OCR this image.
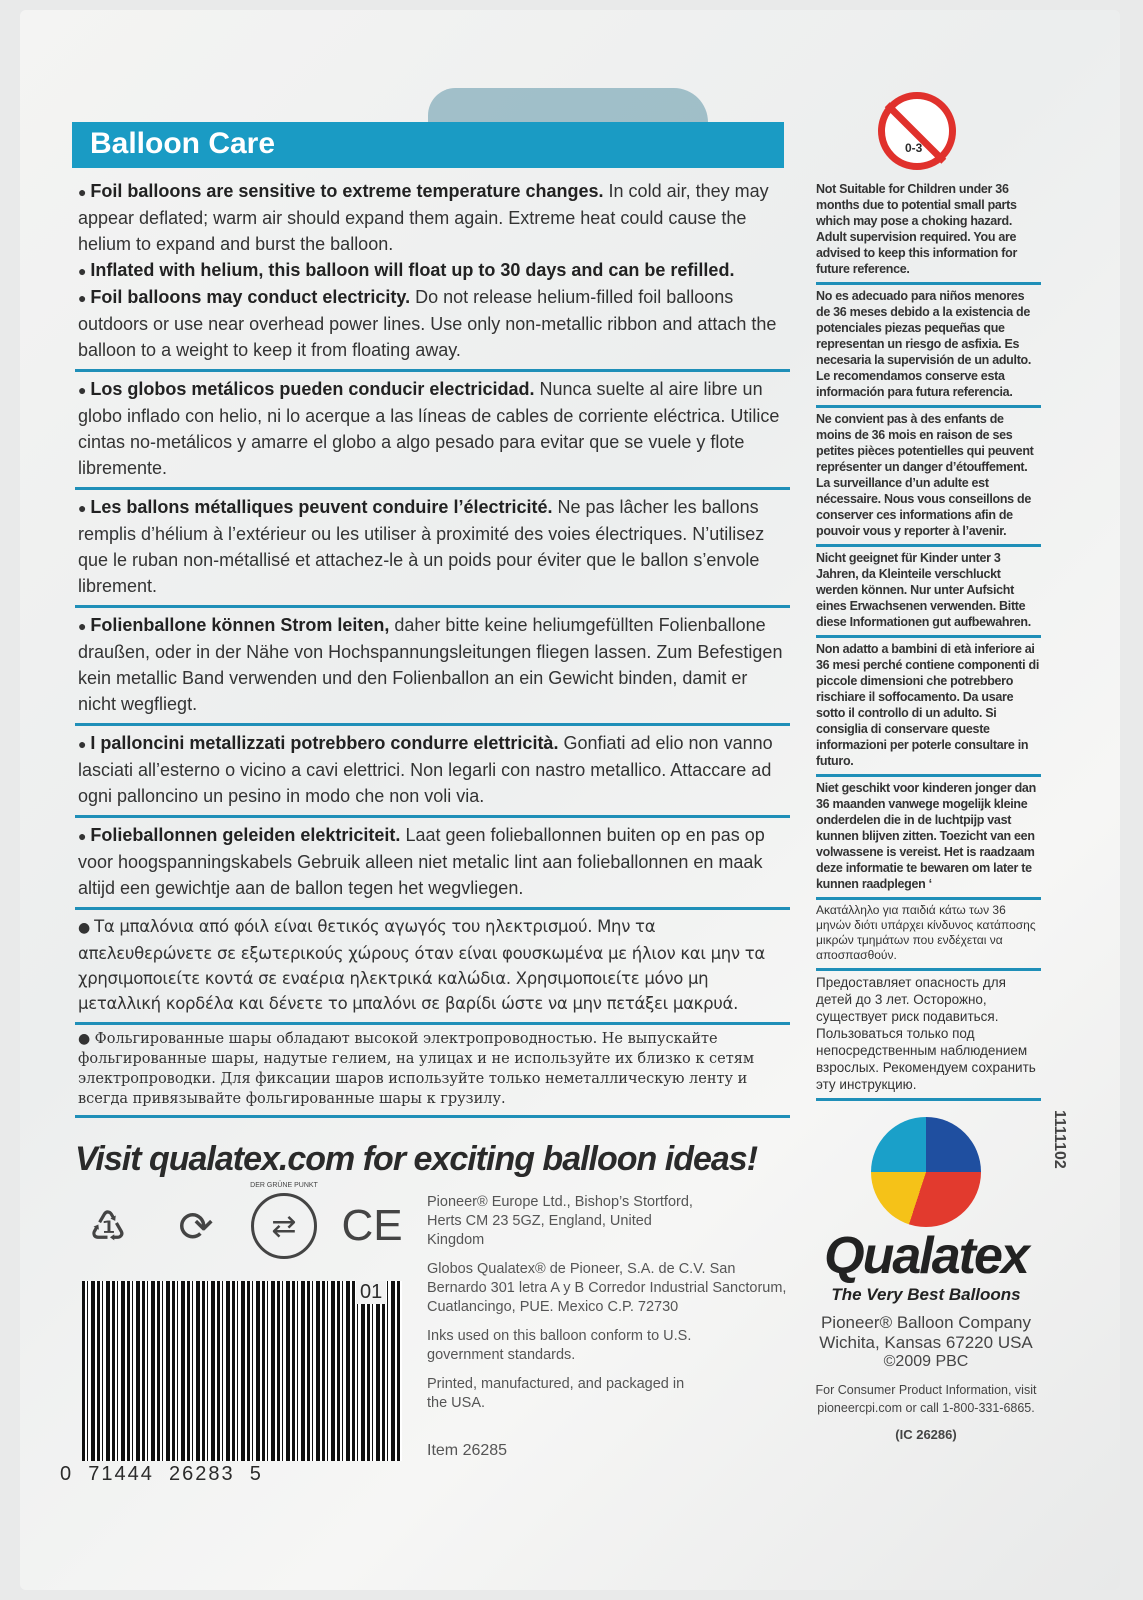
Balloon Care

● Foil balloons are sensitive to extreme temperature changes. In cold air, they may appear deflated; warm air should expand them again. Extreme heat could cause the helium to expand and burst the balloon.

● Inflated with helium, this balloon will float up to 30 days and can be refilled.

● Foil balloons may conduct electricity. Do not release helium-filled foil balloons outdoors or use near overhead power lines. Use only non-metallic ribbon and attach the balloon to a weight to keep it from floating away.

● Los globos metálicos pueden conducir electricidad. Nunca suelte al aire libre un globo inflado con helio, ni lo acerque a las líneas de cables de corriente eléctrica. Utilice cintas no-metálicos y amarre el globo a algo pesado para evitar que se vuele y flote libremente.
● Les ballons métalliques peuvent conduire l’électricité. Ne pas lâcher les ballons remplis d’hélium à l’extérieur ou les utiliser à proximité des voies électriques. N’utilisez que le ruban non-métallisé et attachez-le à un poids pour éviter que le ballon s’envole librement.
● Folienballone können Strom leiten, daher bitte keine heliumgefüllten Folienballone draußen, oder in der Nähe von Hochspannungsleitungen fliegen lassen. Zum Befestigen kein metallic Band verwenden und den Folienballon an ein Gewicht binden, damit er nicht wegfliegt.
● I palloncini metallizzati potrebbero condurre elettricità. Gonfiati ad elio non vanno lasciati all’esterno o vicino a cavi elettrici. Non legarli con nastro metallico. Attaccare ad ogni palloncino un pesino in modo che non voli via.
● Folieballonnen geleiden elektriciteit. Laat geen folieballonnen buiten op en pas op voor hoogspanningskabels Gebruik alleen niet metalic lint aan folieballonnen en maak altijd een gewichtje aan de ballon tegen het wegvliegen.
● Τα μπαλόνια από φόιλ είναι θετικός αγωγός του ηλεκτρισμού. Μην τα απελευθερώνετε σε εξωτερικούς χώρους όταν είναι φουσκωμένα με ήλιον και μην τα χρησιμοποιείτε κοντά σε εναέρια ηλεκτρικά καλώδια. Χρησιμοποιείτε μόνο μη μεταλλική κορδέλα και δένετε το μπαλόνι σε βαρίδι ώστε να μην πετάξει μακρυά.
● Фольгированные шары обладают высокой электропроводностью. Не выпускайте фольгированные шары, надутые гелием, на улицах и не используйте их близко к сетям электропроводки. Для фиксации шаров используйте только неметаллическую ленту и всегда привязывайте фольгированные шары к грузилу.
Visit qualatex.com for exciting balloon ideas!
♳	⟳	⇄
DER GRÜNE PUNKT
CE
01
0  71444  26283  5
Pioneer® Europe Ltd., Bishop’s Stortford, Herts CM 23 5GZ, England, United Kingdom
Globos Qualatex® de Pioneer, S.A. de C.V. San Bernardo 301 letra A y B Corredor Industrial Sanctorum, Cuatlancingo, PUE. Mexico C.P. 72730
Inks used on this balloon conform to U.S. government standards.
Printed, manufactured, and packaged in the USA.
Item 26285
0-3
Not Suitable for Children under 36 months due to potential small parts which may pose a choking hazard. Adult supervision required. You are advised to keep this information for future reference.
No es adecuado para niños menores de 36 meses debido a la existencia de potenciales piezas pequeñas que representan un riesgo de asfixia. Es necesaria la supervisión de un adulto. Le recomendamos conserve esta información para futura referencia.
Ne convient pas à des enfants de moins de 36 mois en raison de ses petites pièces potentielles qui peuvent représenter un danger d’étouffement. La surveillance d’un adulte est nécessaire. Nous vous conseillons de conserver ces informations afin de pouvoir vous y reporter à l’avenir.
Nicht geeignet für Kinder unter 3 Jahren, da Kleinteile verschluckt werden können. Nur unter Aufsicht eines Erwachsenen verwenden. Bitte diese Informationen gut aufbewahren.
Non adatto a bambini di età inferiore ai 36 mesi perché contiene componenti di piccole dimensioni che potrebbero rischiare il soffocamento. Da usare sotto il controllo di un adulto. Si consiglia di conservare queste informazioni per poterle consultare in futuro.
Niet geschikt voor kinderen jonger dan 36 maanden vanwege mogelijk kleine onderdelen die in de luchtpijp vast kunnen blijven zitten. Toezicht van een volwassene is vereist. Het is raadzaam deze informatie te bewaren om later te kunnen raadplegen ‘
Ακατάλληλο για παιδιά κάτω των 36 μηνών διότι υπάρχει κίνδυνος κατάποσης μικρών τμημάτων που ενδέχεται να αποσπασθούν.
Предоставляет опасность для детей до 3 лет. Осторожно, существует риск подавиться. Пользоваться только под непосредственным наблюдением взрослых. Рекомендуем сохранить эту инструкцию.
Qualatex
The Very Best Balloons
Pioneer® Balloon Company
Wichita, Kansas 67220 USA
©2009 PBC
For Consumer Product Information, visit pioneercpi.com or call 1-800-331-6865.
(IC 26286)
1111102
